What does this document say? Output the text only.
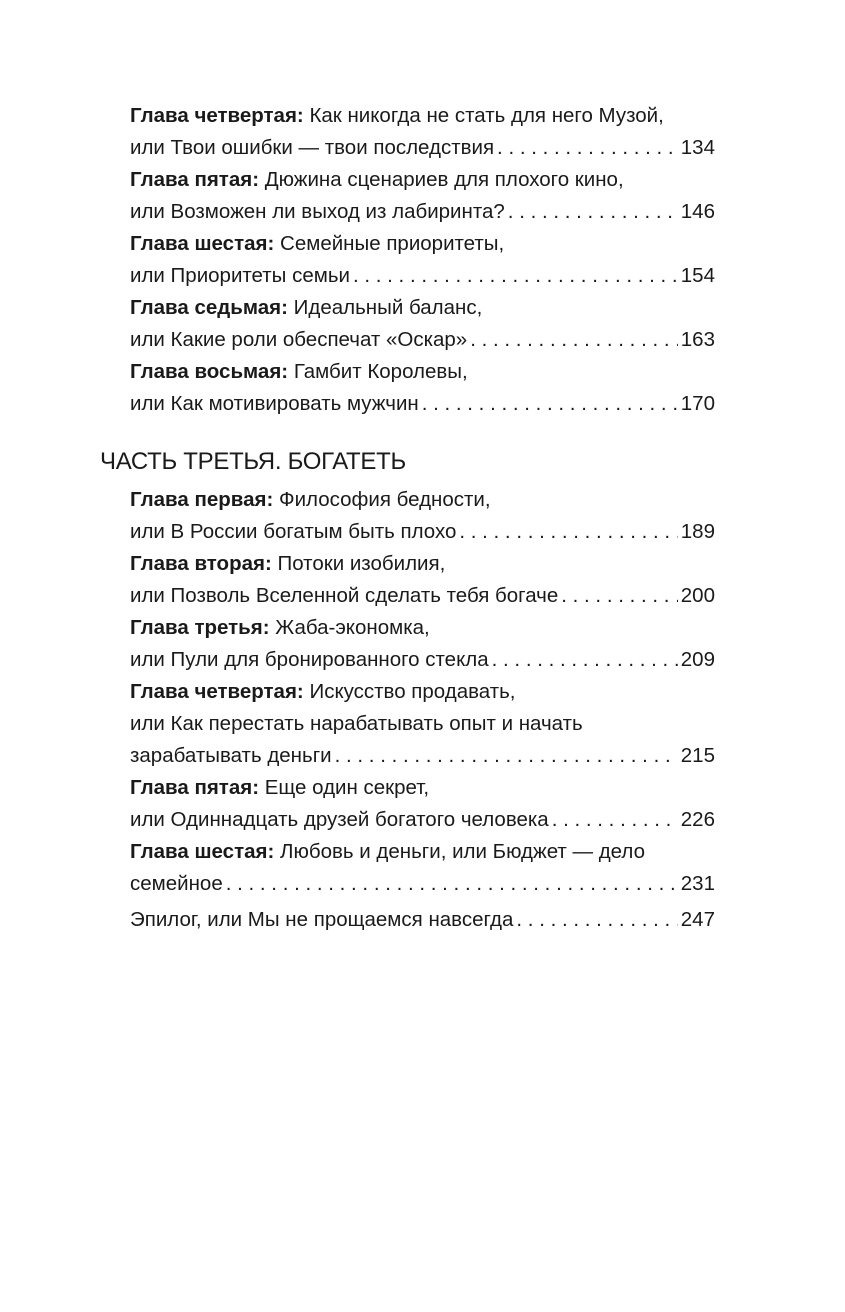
Глава четвертая:
Как никогда не стать для него Музой,
или Твои ошибки — твои последствия . . .	134
Глава пятая:
Дюжина сценариев для плохого кино,
или Возможен ли выход из лабиринта? . . .	146
Глава шестая:
Семейные приоритеты,
или Приоритеты семьи . . .	154
Глава седьмая:
Идеальный баланс,
или Какие роли обеспечат «Оскар» . . .	163
Глава восьмая:
Гамбит Королевы,
или Как мотивировать мужчин . . .	170
ЧАСТЬ ТРЕТЬЯ. БОГАТЕТЬ
Глава первая:
Философия бедности,
или В России богатым быть плохо . . .	189
Глава вторая:
Потоки изобилия,
или Позволь Вселенной сделать тебя богаче . . .	200
Глава третья:
Жаба-экономка,
или Пули для бронированного стекла . . .	209
Глава четвертая:
Искусство продавать,
или Как перестать нарабатывать опыт и начать
зарабатывать деньги . . .	215
Глава пятая:
Еще один секрет,
или Одиннадцать друзей богатого человека . . .	226
Глава шестая:
Любовь и деньги, или Бюджет — дело
семейное . . .	231
Эпилог, или Мы не прощаемся навсегда . . .	247
